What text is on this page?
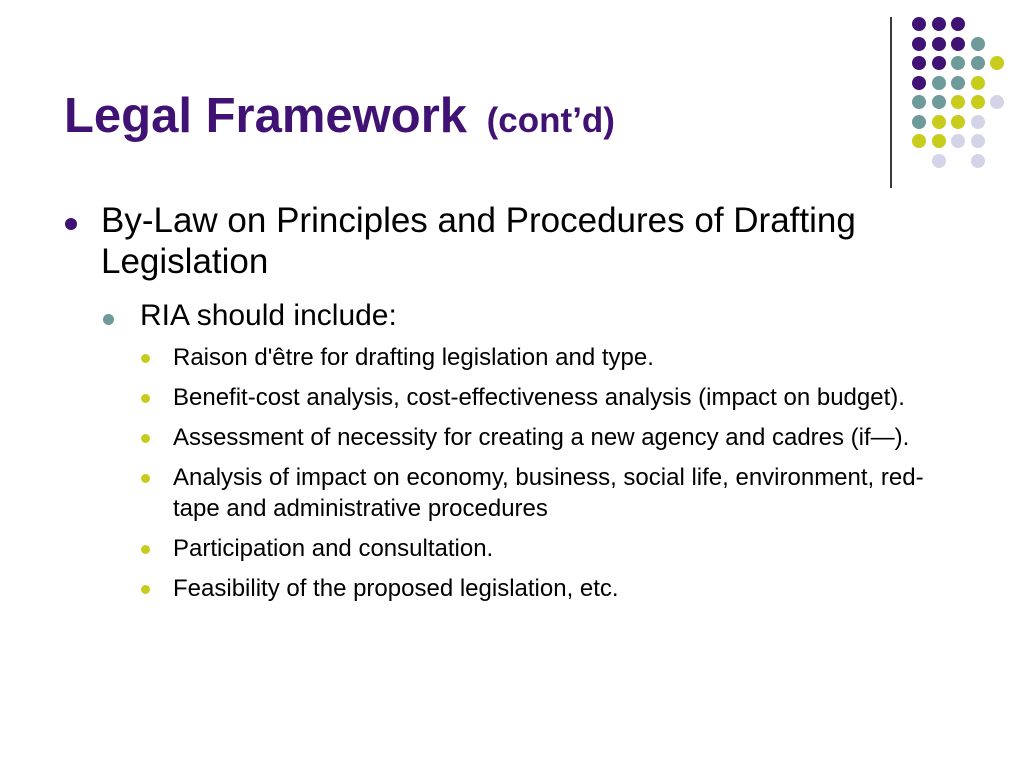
Legal Framework (cont’d)
By-Law on Principles and Procedures of Drafting Legislation
RIA should include:
Raison d'être for drafting legislation and type.
Benefit-cost analysis, cost-effectiveness analysis (impact on budget).
Assessment of necessity for creating a new agency and cadres (if—).
Analysis of impact on economy, business, social life, environment, red-tape and administrative procedures
Participation and consultation.
Feasibility of the proposed legislation, etc.
